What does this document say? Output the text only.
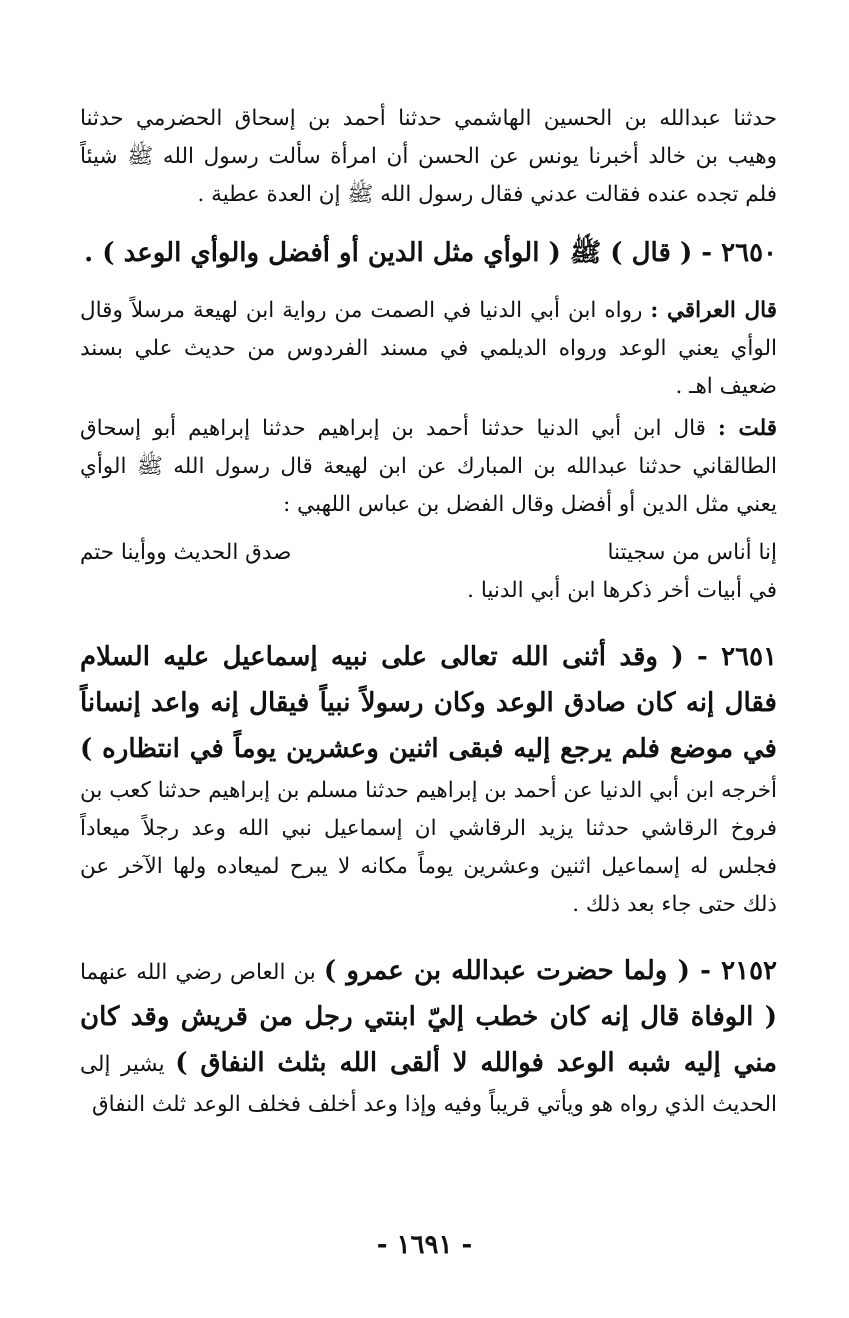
حدثنا عبدالله بن الحسين الهاشمي حدثنا أحمد بن إسحاق الحضرمي حدثنا وهيب بن خالد أخبرنا يونس عن الحسن أن امرأة سألت رسول الله ﷺ شيئاً فلم تجده عنده فقالت عدني فقال رسول الله ﷺ إن العدة عطية .

٢٦٥٠ - ( قال ) ﷺ ( الوأي مثل الدين أو أفضل والوأي الوعد ) .

قال العراقي : رواه ابن أبي الدنيا في الصمت من رواية ابن لهيعة مرسلاً وقال الوأي يعني الوعد ورواه الديلمي في مسند الفردوس من حديث علي بسند ضعيف اهـ .

قلت : قال ابن أبي الدنيا حدثنا أحمد بن إبراهيم حدثنا إبراهيم أبو إسحاق الطالقاني حدثنا عبدالله بن المبارك عن ابن لهيعة قال رسول الله ﷺ الوأي يعني مثل الدين أو أفضل وقال الفضل بن عباس اللهبي :

إنا أناس من سجيتنا
صدق الحديث ووأينا حتم
في أبيات أخر ذكرها ابن أبي الدنيا .

٢٦٥١ - ( وقد أثنى الله تعالى على نبيه إسماعيل عليه السلام فقال إنه كان صادق الوعد وكان رسولاً نبياً فيقال إنه واعد إنساناً في موضع فلم يرجع إليه فبقى اثنين وعشرين يوماً في انتظاره ) أخرجه ابن أبي الدنيا عن أحمد بن إبراهيم حدثنا مسلم بن إبراهيم حدثنا كعب بن فروخ الرقاشي حدثنا يزيد الرقاشي ان إسماعيل نبي الله وعد رجلاً ميعاداً فجلس له إسماعيل اثنين وعشرين يوماً مكانه لا يبرح لميعاده ولها الآخر عن ذلك حتى جاء بعد ذلك .

٢١٥٢ - ( ولما حضرت عبدالله بن عمرو ) بن العاص رضي الله عنهما ( الوفاة قال إنه كان خطب إليّ ابنتي رجل من قريش وقد كان مني إليه شبه الوعد فوالله لا ألقى الله بثلث النفاق ) يشير إلى الحديث الذي رواه هو ويأتي قريباً وفيه وإذا وعد أخلف فخلف الوعد ثلث النفاق

- ١٦٩١ -
